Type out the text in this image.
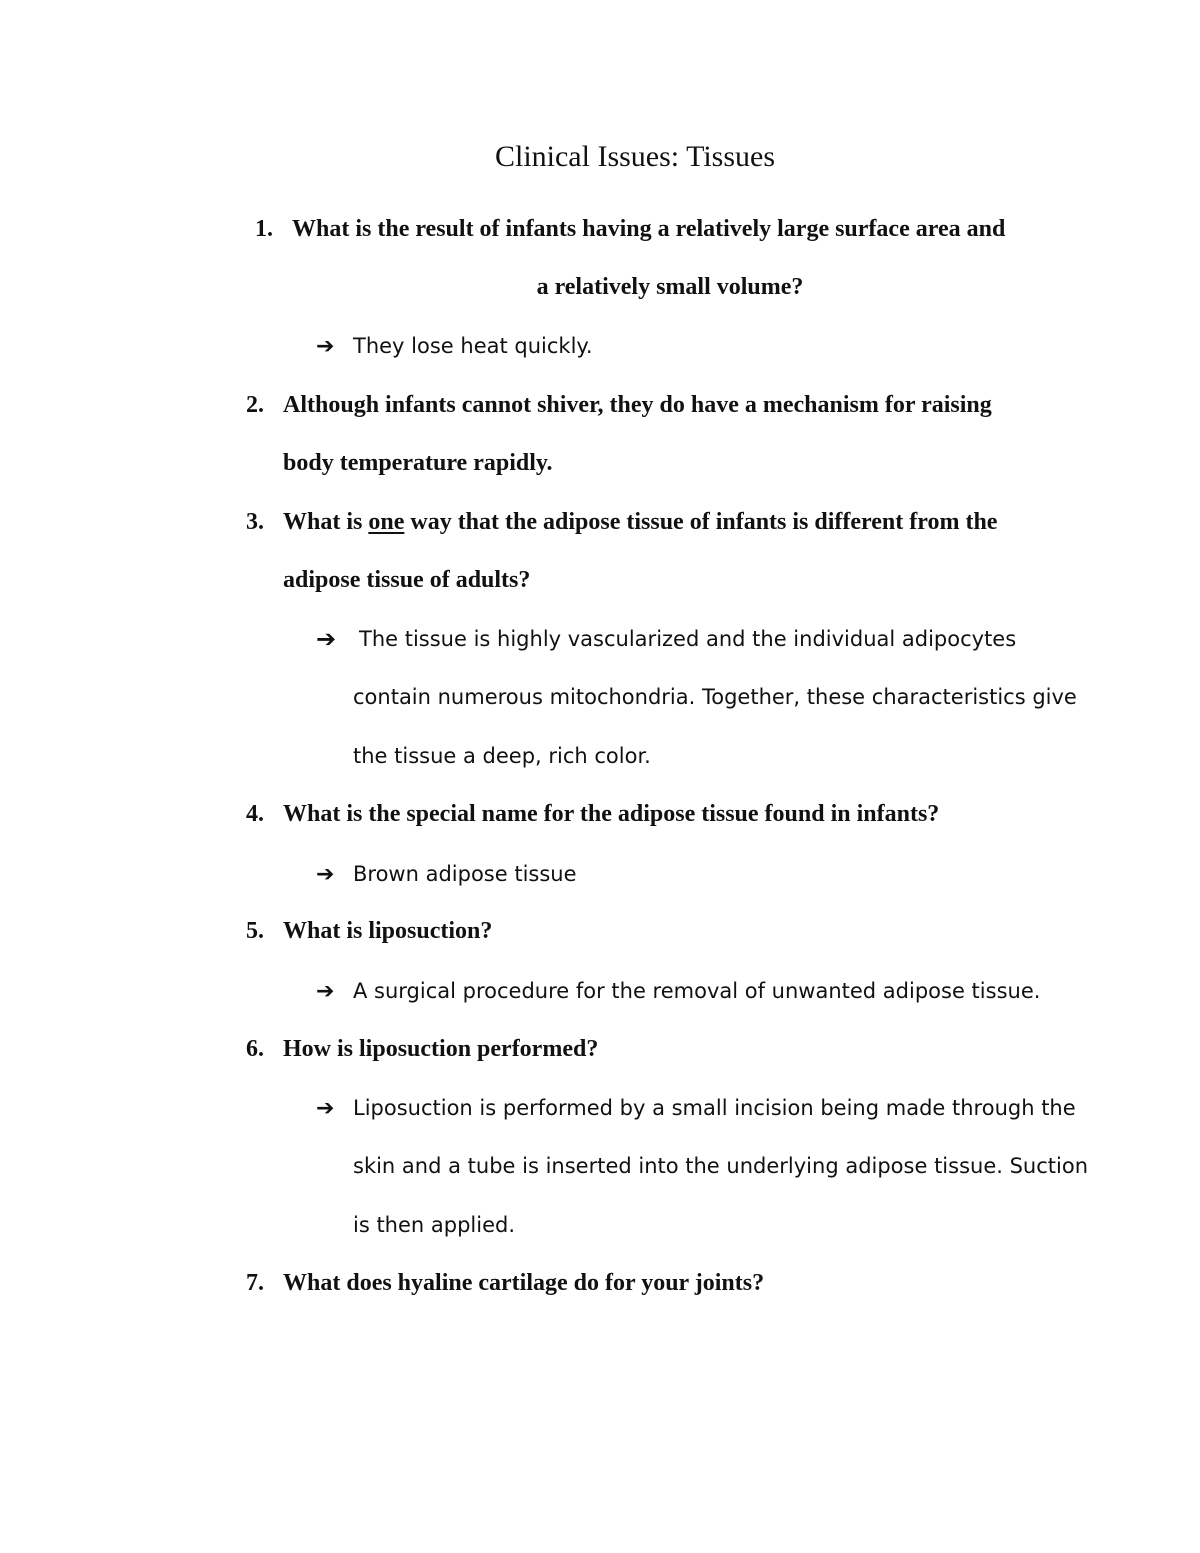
Clinical Issues: Tissues
1. What is the result of infants having a relatively large surface area and

a relatively small volume?

➔ They lose heat quickly.

2. Although infants cannot shiver, they do have a mechanism for raising

body temperature rapidly.

3. What is one way that the adipose tissue of infants is different from the

adipose tissue of adults?

➔ The tissue is highly vascularized and the individual adipocytes

contain numerous mitochondria. Together, these characteristics give

the tissue a deep, rich color.

4. What is the special name for the adipose tissue found in infants?

➔ Brown adipose tissue

5. What is liposuction?

➔ A surgical procedure for the removal of unwanted adipose tissue.

6. How is liposuction performed?

➔ Liposuction is performed by a small incision being made through the

skin and a tube is inserted into the underlying adipose tissue. Suction

is then applied.

7. What does hyaline cartilage do for your joints?
